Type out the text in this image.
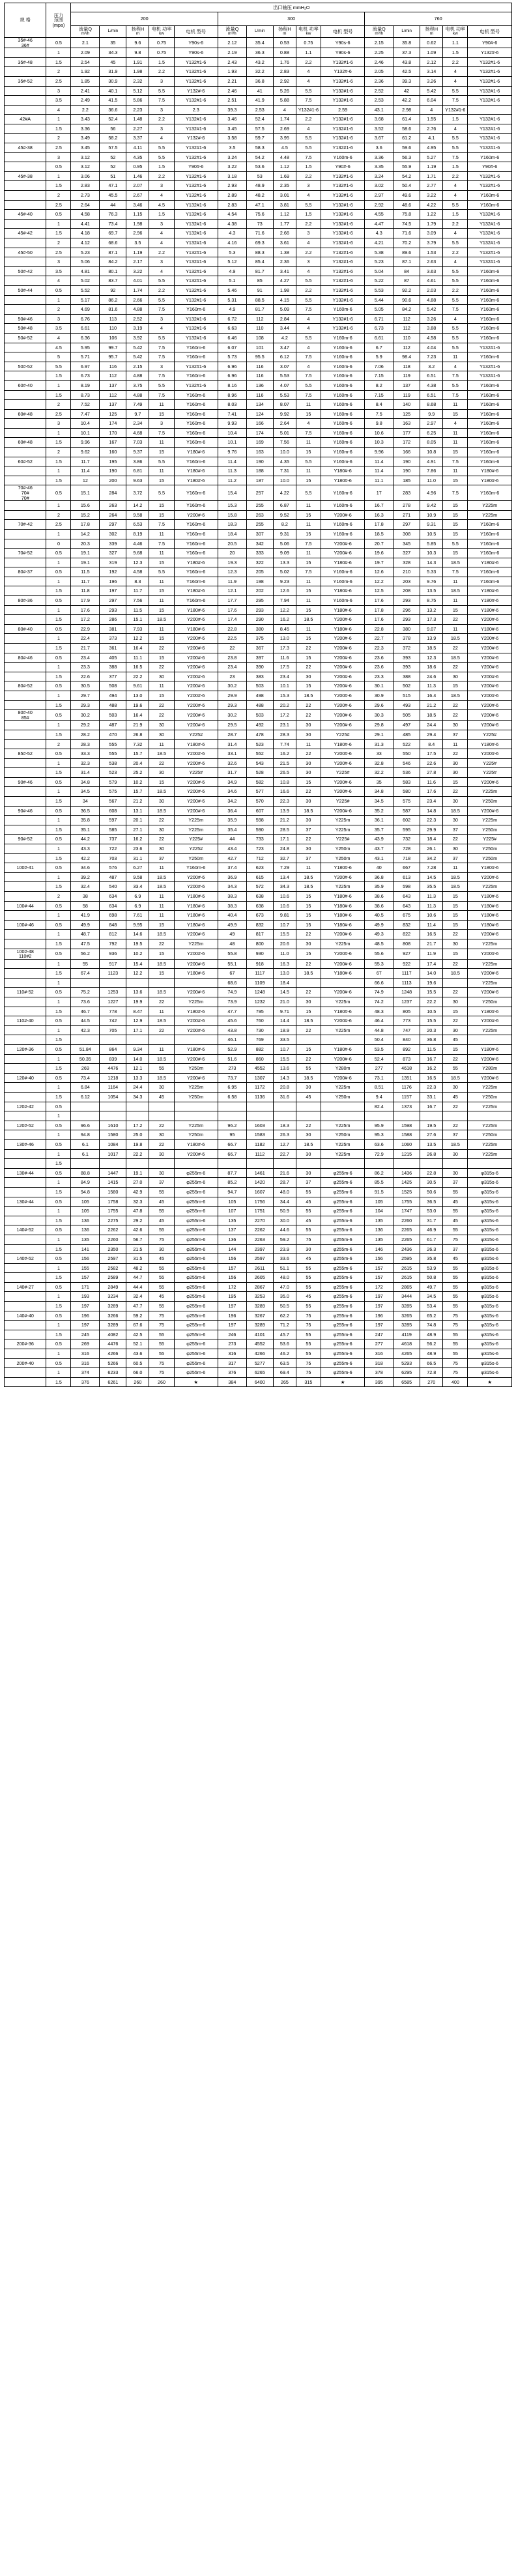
规 格	压力
范围
(mpa)	出口轴压 mmH₂O														
		200					300					760				

流量Q
m³/h

L/min	扬程H
m

电机 功率
kw	电机 型号	流量Q
m³/h

L/min	扬程H
m

电机 功率
kw	电机 型号	流量Q
m³/h

L/min	扬程H
m

电机 功率
kw	电机 型号

35#-46
36#	0.5	2.1	35	9.6	0.75	Y90s-6	2.12	35.4	0.53	0.75	Y90s-6	2.15	35.8	0.62	1.1	Y90#-6

	1	2.09	34.3	9.8	0.75	Y90s-6	2.19	36.3	0.88	1.1	Y90s-6	2.25	37.3	1.09	1.5	Y132#-6

35#-48	1.5	2.54	45	1.91	1.5	Y132#1-6	2.43	43.2	1.76	2.2	Y132#1-6	2.46	43.8	2.12	2.2	Y132#1-6

	2	1.92	31.9	1.98	2.2	Y132#1-6	1.93	32.2	2.83	4	Y132#-6	2.05	42.5	3.14	4	Y132#1-6

35#-52	2.5	1.85	30.9	2.32	3	Y132#1-6	2.21	36.8	2.92	4	Y132#1-6	2.36	39.3	3.26	4	Y132#1-6

	3	2.41	40.1	5.12	5.5	Y132#-6	2.46	41	5.26	5.5	Y132#1-6	2.52	42	5.42	5.5	Y132#1-6

	3.5	2.49	41.5	5.86	7.5	Y132#1-6	2.51	41.9	5.88	7.5	Y132#1-6	2.53	42.2	6.04	7.5	Y132#1-6

	4	2.2	36.6	2.23	3	2.3	39.3	2.53	4	Y132#1-6	2.59	43.1	2.98	4	Y132#1-6	

42#A	1	3.43	52.4	1.48	2.2	Y132#1-6	3.46	52.4	1.74	2.2	Y132#1-6	3.68	61.4	1.55	1.5	Y132#1-6

	1.5	3.36	56	2.27	3	Y132#1-6	3.45	57.5	2.69	4	Y132#1-6	3.52	58.6	2.76	4	Y132#1-6

	2	3.49	58.2	3.37	4	Y132#-6	3.58	59.7	3.95	5.5	Y132#1-6	3.67	61.2	4.1	5.5	Y132#1-6

45#-38	2.5	3.45	57.5	4.11	5.5	Y132#1-6	3.5	58.3	4.5	5.5	Y132#1-6	3.6	59.6	4.95	5.5	Y132#1-6

	3	3.12	52	4.35	5.5	Y132#1-6	3.24	54.2	4.48	7.5	Y160m-6	3.36	56.3	5.27	7.5	Y160m-6

	0.5	3.12	52	0.95	1.5	Y90#-6	3.22	53.6	1.12	1.5	Y90#-6	3.35	55.9	1.19	1.5	Y90#-6

45#-38	1	3.06	51	1.46	2.2	Y132#1-6	3.18	53	1.69	2.2	Y132#1-6	3.24	54.2	1.71	2.2	Y132#1-6

	1.5	2.83	47.1	2.07	3	Y132#1-6	2.93	48.9	2.35	3	Y132#1-6	3.02	50.4	2.77	4	Y132#1-6

	2	2.73	45.5	2.67	4	Y132#1-6	2.89	48.2	3.01	4	Y132#1-6	2.97	49.6	3.22	4	Y160m-6

	2.5	2.64	44	3.46	4.5	Y132#1-6	2.83	47.1	3.81	5.5	Y132#1-6	2.92	48.6	4.22	5.5	Y160m-6

45#-40	0.5	4.58	76.3	1.15	1.5	Y132#1-6	4.54	75.6	1.12	1.5	Y132#1-6	4.55	75.8	1.22	1.5	Y132#1-6

	1	4.41	73.4	1.98	3	Y132#1-6	4.38	73	1.77	2.2	Y132#1-6	4.47	74.5	1.79	2.2	Y132#1-6

45#-42	1.5	4.18	69.7	2.96	4	Y132#1-6	4.3	71.6	2.66	3	Y132#1-6	4.3	71.6	3.09	4	Y132#1-6

	2	4.12	68.6	3.5	4	Y132#1-6	4.16	69.3	3.61	4	Y132#1-6	4.21	70.2	3.79	5.5	Y132#1-6

45#-50	2.5	5.23	87.1	1.19	2.2	Y132#1-6	5.3	88.3	1.38	2.2	Y132#1-6	5.38	89.6	1.53	2.2	Y132#1-6

	3	5.06	84.2	2.17	3	Y132#1-6	5.12	85.4	2.36	3	Y132#1-6	5.23	87.1	2.63	4	Y132#1-6

50#-42	3.5	4.81	80.1	3.22	4	Y132#1-6	4.9	81.7	3.41	4	Y132#1-6	5.04	84	3.63	5.5	Y160m-6

	4	5.02	83.7	4.01	5.5	Y132#1-6	5.1	85	4.27	5.5	Y132#1-6	5.22	87	4.61	5.5	Y160m-6

50#-44	0.5	5.52	92	1.74	2.2	Y132#1-6	5.46	91	1.98	2.2	Y132#1-6	5.53	92.2	2.03	2.2	Y160m-6

	1	5.17	86.2	2.66	5.5	Y132#1-6	5.31	88.5	4.15	5.5	Y132#1-6	5.44	90.6	4.88	5.5	Y160m-6

	2	4.69	81.6	4.88	7.5	Y160m-6	4.9	81.7	5.09	7.5	Y160m-6	5.05	84.2	5.42	7.5	Y160m-6

50#-46	3	6.76	113	2.52	3	Y132#1-6	6.72	112	2.84	4	Y132#1-6	6.71	112	3.26	4	Y160m-6

50#-48	3.5	6.61	110	3.19	4	Y132#1-6	6.63	110	3.44	4	Y132#1-6	6.73	112	3.88	5.5	Y160m-6

50#-52	4	6.36	106	3.92	5.5	Y132#1-6	6.46	108	4.2	5.5	Y160m-6	6.61	110	4.58	5.5	Y160m-6

	4.5	5.95	99.7	5.42	7.5	Y160m-6	6.07	101	3.47	4	Y160m-6	6.7	112	4.04	5.5	Y132#1-6

	5	5.71	95.7	5.42	7.5	Y160m-6	5.73	95.5	6.12	7.5	Y160m-6	5.9	98.4	7.23	11	Y160m-6

50#-52	5.5	6.97	116	2.15	3	Y132#1-6	6.96	116	3.07	4	Y160m-6	7.06	118	3.2	4	Y132#1-6

	1.5	6.73	112	4.88	7.5	Y160m-6	6.96	116	5.53	7.5	Y160m-6	7.15	119	6.51	7.5	Y132#1-6

60#-40	1	8.19	137	3.75	5.5	Y132#1-6	8.16	136	4.07	5.5	Y160m-6	8.2	137	4.38	5.5	Y160m-6

	1.5	8.73	112	4.88	7.5	Y160m-6	8.96	116	5.53	7.5	Y160m-6	7.15	119	6.51	7.5	Y160m-6

	2	7.52	137	7.49	11	Y160m-6	8.03	134	8.07	11	Y160m-6	8.4	140	8.68	11	Y160m-6

60#-48	2.5	7.47	125	9.7	15	Y160m-6	7.41	124	9.92	15	Y160m-6	7.5	125	9.9	15	Y160m-6

	3	10.4	174	2.34	3	Y160m-6	9.93	166	2.64	4	Y160m-6	9.8	163	2.97	4	Y160m-6

	1	10.1	170	4.68	7.5	Y160m-6	10.4	174	5.01	7.5	Y160m-6	10.6	177	6.25	11	Y160m-6

60#-48	1.5	9.96	167	7.03	11	Y160m-6	10.1	169	7.56	11	Y160m-6	10.3	172	8.05	11	Y160m-6

	2	9.62	160	9.37	15	Y180#-6	9.76	163	10.0	15	Y160m-6	9.96	166	10.8	15	Y160m-6

60#-52	1.5	11.7	195	3.86	5.5	Y160m-6	11.4	190	4.35	5.5	Y160m-6	11.4	190	4.91	7.5	Y160m-6

	1	11.4	190	6.81	11	Y180#-6	11.3	188	7.31	11	Y180#-6	11.4	190	7.86	11	Y180#-6

	1.5	12	200	9.63	15	Y180#-6	11.2	187	10.0	15	Y180#-6	11.1	185	11.0	15	Y180#-6

70#-46
70#
70#	0.5	15.1	284	3.72	5.5	Y160m-6	15.4	257	4.22	5.5	Y160m-6	17	283	4.96	7.5	Y160m-6

	1	15.6	263	14.2	15	Y160m-6	15.3	255	6.87	11	Y160m-6	16.7	278	9.42	15	Y225m

	2	15.2	264	9.58	15	Y200#-6	15.8	263	9.52	15	Y200#-6	16.3	271	10.9	15	Y225m

70#-42	2.5	17.8	297	6.53	7.5	Y160m-6	18.3	255	8.2	11	Y160m-6	17.8	297	9.31	15	Y160m-6

	1	14.2	302	8.19	11	Y160m-6	18.4	307	9.31	15	Y160m-6	18.5	308	10.5	15	Y160m-6

	0	20.3	339	4.46	7.5	Y160m-6	20.5	342	5.06	7.5	Y200#-6	20.7	345	5.85	5.5	Y160m-6

70#-52	0.5	19.1	327	9.68	11	Y160m-6	20	333	9.09	11	Y200#-6	19.6	327	10.3	15	Y160m-6

	1	19.1	319	12.3	15	Y180#-6	19.3	322	13.3	15	Y180#-6	19.7	328	14.3	18.5	Y180#-6

80#-37	0.5	11.5	192	4.58	5.5	Y160m-6	12.3	205	5.02	7.5	Y160m-6	12.6	210	5.33	7.5	Y160m-6

	1	11.7	196	8.3	11	Y160m-6	11.9	198	9.23	11	Y160m-6	12.2	203	9.76	11	Y160m-6

	1.5	11.8	197	11.7	15	Y180#-6	12.1	202	12.6	15	Y180#-6	12.5	208	13.5	18.5	Y180#-6

80#-36	0.5	17.9	297	7.56	11	Y160m-6	17.7	295	7.94	11	Y160m-6	17.6	293	8.75	11	Y180#-6

	1	17.6	293	11.5	15	Y180#-6	17.6	293	12.2	15	Y180#-6	17.8	296	13.2	15	Y180#-6

	1.5	17.2	286	15.1	18.5	Y200#-6	17.4	290	16.2	18.5	Y200#-6	17.6	293	17.3	22	Y200#-6

80#-40	0.5	22.9	381	7.93	11	Y180#-6	22.8	380	8.45	11	Y180#-6	22.8	380	9.07	11	Y180#-6

	1	22.4	373	12.2	15	Y200#-6	22.5	375	13.0	15	Y200#-6	22.7	378	13.9	18.5	Y200#-6

	1.5	21.7	361	16.4	22	Y200#-6	22	367	17.3	22	Y200#-6	22.3	372	18.5	22	Y200#-6

80#-46	0.5	23.4	405	11.1	15	Y200#-6	23.8	397	11.6	15	Y200#-6	23.6	393	12.3	18.5	Y200#-6

	1	23.3	388	16.5	22	Y200#-6	23.4	390	17.5	22	Y200#-6	23.6	393	18.6	22	Y200#-6

	1.5	22.6	377	22.2	30	Y200#-6	23	383	23.4	30	Y200#-6	23.3	388	24.6	30	Y200#-6

80#-52	0.5	30.5	508	9.61	11	Y200#-6	30.2	503	10.1	15	Y200#-6	30.1	502	11.3	15	Y200#-6

	1	29.7	494	13.0	15	Y200#-6	29.9	498	15.3	18.5	Y200#-6	30.9	515	16.4	18.5	Y200#-6

	1.5	29.3	488	19.6	22	Y200#-6	29.3	488	20.2	22	Y200#-6	29.6	493	21.2	22	Y200#-6

80#-40
85#	0.5	30.2	503	16.4	22	Y200#-6	30.2	503	17.2	22	Y200#-6	30.3	505	18.5	22	Y200#-6

	1	29.2	487	21.9	30	Y200#-6	29.5	492	23.1	30	Y200#-6	29.8	497	24.4	30	Y200#-6

	1.5	28.2	470	26.8	30	Y225#	28.7	478	28.3	30	Y225#	29.1	485	29.4	37	Y225#

	2	28.3	555	7.32	11	Y180#-6	31.4	523	7.74	11	Y180#-6	31.3	522	8.4	11	Y180#-6

85#-52	0.5	33.3	555	15.7	18.5	Y200#-6	33.1	552	16.2	22	Y200#-6	33	550	17.5	22	Y200#-6

	1	32.3	538	20.4	22	Y200#-6	32.6	543	21.5	30	Y200#-6	32.8	546	22.6	30	Y225#

	1.5	31.4	523	25.2	30	Y225#	31.7	528	26.5	30	Y225#	32.2	536	27.8	30	Y225#

90#-46	0.5	34.8	579	10.2	15	Y200#-6	34.9	582	10.8	15	Y200#-6	35	583	11.6	15	Y200#-6

	1	34.5	575	15.7	18.5	Y200#-6	34.6	577	16.6	22	Y200#-6	34.8	580	17.6	22	Y225m

	1.5	34	567	21.2	30	Y200#-6	34.2	570	22.3	30	Y225#	34.5	575	23.4	30	Y250m

90#-46	0.5	36.5	608	13.1	18.5	Y200#-6	36.4	607	13.9	18.5	Y200#-6	35.2	587	14.8	18.5	Y200#-6

	1	35.8	597	20.1	22	Y225m	35.9	598	21.2	30	Y225m	36.1	602	22.3	30	Y225m

	1.5	35.1	585	27.1	30	Y225m	35.4	590	28.5	37	Y225m	35.7	595	29.9	37	Y250m

90#-52	0.5	44.2	737	16.2	22	Y225#	44	733	17.1	22	Y225#	43.9	732	18.4	22	Y225#

	1	43.3	722	23.6	30	Y225#	43.4	723	24.8	30	Y250m	43.7	728	26.1	30	Y250m

	1.5	42.2	703	31.1	37	Y250m	42.7	712	32.7	37	Y250m	43.1	718	34.2	37	Y250m

100#-41	0.5	34.6	576	6.27	11	Y160m-6	37.4	623	7.29	11	Y180#-6	40	667	7.28	11	Y180#-6

	1	39.2	487	9.58	18.5	Y200#-6	36.9	615	13.4	18.5	Y200#-6	36.8	613	14.5	18.5	Y200#-6

	1.5	32.4	540	33.4	18.5	Y200#-6	34.3	572	34.3	18.5	Y225m	35.9	598	35.5	18.5	Y225m

	2	38	634	6.9	11	Y180#-6	38.3	638	10.6	15	Y180#-6	38.6	643	11.3	15	Y180#-6

100#-44	0.5	58	634	6.9	11	Y180#-6	38.3	638	10.6	15	Y180#-6	38.6	643	11.3	15	Y180#-6

	1	41.9	698	7.61	11	Y180#-6	40.4	673	9.81	15	Y180#-6	40.5	675	10.6	15	Y180#-6

100#-46	0.5	49.9	848	9.95	15	Y180#-6	49.9	832	10.7	15	Y180#-6	49.9	832	11.4	15	Y180#-6

	1	48.7	812	14.6	18.5	Y200#-6	49	817	15.5	22	Y200#-6	49.3	822	16.5	22	Y200#-6

	1.5	47.5	792	19.5	22	Y225m	48	800	20.6	30	Y225m	48.5	808	21.7	30	Y225m

100#-48
110#2	0.5	56.2	936	10.2	15	Y200#-6	55.8	930	11.0	15	Y200#-6	55.6	927	11.9	15	Y200#-6

	1	55	917	15.4	18.5	Y200#-6	55.1	918	16.3	22	Y200#-6	55.3	922	17.4	22	Y225m

	1.5	67.4	1123	12.2	15	Y180#-6	67	1117	13.0	18.5	Y180#-6	67	1117	14.0	18.5	Y200#-6

	1						68.6	1109	18.4			66.6	1113	19.6		Y225m

110#-52	0.5	75.2	1253	13.6	18.5	Y200#-6	74.9	1248	14.5	22	Y200#-6	74.9	1248	15.5	22	Y200#-6

	1	73.6	1227	19.9	22	Y225m	73.9	1232	21.0	30	Y225m	74.2	1237	22.2	30	Y250m

	1.5	46.7	778	8.47	11	Y180#-6	47.7	795	9.71	15	Y180#-6	48.3	805	10.5	15	Y180#-6

110#-40	0.5	44.5	742	12.9	18.5	Y200#-6	45.6	760	14.4	18.5	Y200#-6	46.4	773	15.5	22	Y200#-6

	1	42.3	705	17.1	22	Y200#-6	43.8	730	18.9	22	Y225m	44.8	747	20.3	30	Y225m

	1.5						46.1	769	33.5			50.4	840	36.8	45	

120#-36	0.5	51.84	864	9.34	11	Y180#-6	52.9	882	10.7	15	Y180#-6	53.5	892	11.5	15	Y180#-6

	1	50.35	839	14.0	18.5	Y200#-6	51.6	860	15.5	22	Y200#-6	52.4	873	16.7	22	Y200#-6

	1.5	269	4476	12.1	55	Y250m	273	4552	13.6	55	Y280m	277	4618	16.2	55	Y280m

120#-40	0.5	73.4	1218	13.3	18.5	Y200#-6	73.7	1307	14.3	18.5	Y200#-6	73.1	1351	16.5	18.5	Y200#-6

	1	6.84	1164	24.4	30	Y225m	6.95	1172	20.8	30	Y225m	8.51	1176	22.3	30	Y225m

	1.5	6.12	1054	34.3	45	Y250m	6.58	1136	31.6	45	Y250m	9.4	1157	33.1	45	Y250m

120#-42	0.5											82.4	1373	16.7	22	Y225m

	1															

120#-52	0.5	96.6	1610	17.2	22	Y225m	96.2	1603	18.3	22	Y225m	95.9	1598	19.5	22	Y225m

	1	94.8	1580	25.0	30	Y250m	95	1583	26.3	30	Y250m	95.3	1588	27.6	37	Y250m

130#-46	0.5	6.1	1084	19.8	22	Y180#-6	66.7	1182	12.7	18.5	Y225m	63.6	1060	13.5	18.5	Y225m

	1	6.1	1017	22.2	30	Y200#-6	66.7	1112	22.7	30	Y225m	72.9	1215	26.8	30	Y225m

	1.5															

130#-44	0.5	88.8	1447	19.1	30	φ255m-6	87.7	1461	21.6	30	φ255m-6	86.2	1436	22.8	30	φ315s-6

	1	84.9	1415	27.0	37	φ255m-6	85.2	1420	28.7	37	φ255m-6	85.5	1425	30.5	37	φ315s-6

	1.5	94.8	1580	42.9	55	φ255m-6	94.7	1607	48.0	55	φ255m-6	91.5	1525	50.6	55	φ315s-6

130#-44	0.5	105	1758	32.3	45	φ255m-6	105	1756	34.4	45	φ255m-6	105	1755	36.5	45	φ315s-6

	1	105	1755	47.8	55	φ255m-6	107	1751	50.9	55	φ255m-6	104	1747	53.0	55	φ315s-6

	1.5	136	2275	29.2	45	φ255m-6	135	2270	30.0	45	φ255m-6	135	2260	31.7	45	φ315s-6

140#-52	0.5	136	2262	42.6	55	φ255m-6	137	2262	44.6	55	φ255m-6	136	2265	46.9	55	φ315s-6

	1	135	2260	56.7	75	φ255m-6	136	2263	59.2	75	φ255m-6	135	2265	61.7	75	φ315s-6

	1.5	141	2350	21.5	30	φ255m-6	144	2397	23.9	30	φ255m-6	146	2436	26.3	37	φ315s-6

140#-52	0.5	156	2597	31.5	45	φ255m-6	156	2597	33.6	45	φ255m-6	156	2595	35.8	45	φ315s-6

	1	155	2582	48.2	55	φ255m-6	157	2611	51.1	55	φ255m-6	157	2615	53.9	55	φ315s-6

	1.5	157	2589	44.7	55	φ255m-6	156	2605	48.0	55	φ255m-6	157	2615	50.8	55	φ315s-6

140#-27	0.5	171	2849	44.4	55	φ255m-6	172	2867	47.0	55	φ255m-6	172	2865	49.7	55	φ315s-6

	1	193	3234	32.4	45	φ255m-6	195	3253	35.0	45	φ255m-6	197	3444	34.5	55	φ315s-6

	1.5	197	3289	47.7	55	φ255m-6	197	3289	50.5	55	φ255m-6	197	3285	53.4	55	φ315s-6

140#-40	0.5	196	3266	59.2	75	φ255m-6	196	3267	62.2	75	φ255m-6	196	3265	65.2	75	φ315s-6

	1	197	3289	67.6	75	φ255m-6	197	3289	71.2	75	φ255m-6	197	3285	74.8	75	φ315s-6

	1.5	245	4082	42.5	55	φ255m-6	246	4101	45.7	55	φ255m-6	247	4119	48.9	55	φ315s-6

200#-36	0.5	269	4476	52.1	55	φ255m-6	273	4552	53.6	55	φ255m-6	277	4618	56.2	55	φ315s-6

	1	316	4266	43.6	55	φ255m-6	316	4266	46.2	55	φ255m-6	316	4265	48.9	55	φ315s-6

200#-40	0.5	316	5266	60.5	75	φ255m-6	317	5277	63.5	75	φ255m-6	318	5293	66.5	75	φ315s-6

	1	374	6233	66.0	75	φ255m-6	376	6265	69.4	75	φ255m-6	378	6295	72.8	75	φ315s-6

	1.5	376	6261	260	260	★	384	6400	265	315	★	395	6585	270	400	★
